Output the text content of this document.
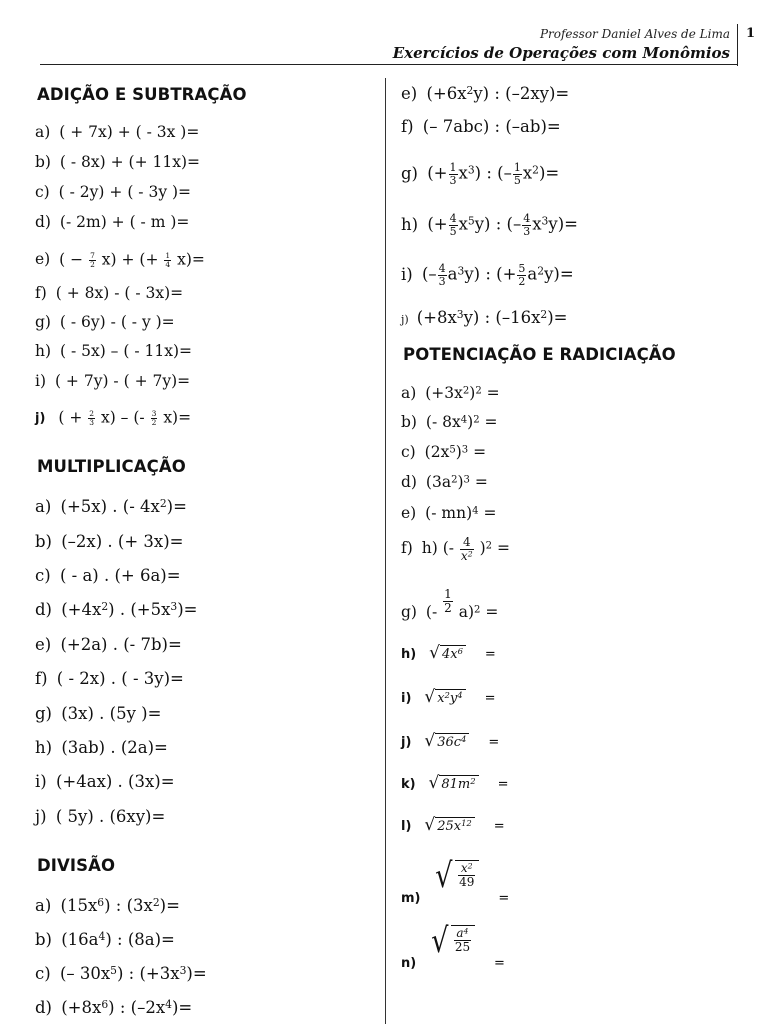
Professor Daniel Alves de Lima
Exercícios de Operações com Monômios
1
ADIÇÃO E SUBTRAÇÃO
a) ( + 7x) + ( - 3x )=
b) ( - 8x) + (+ 11x)=
c) ( - 2y) + ( - 3y )=
d) (- 2m) + ( - m )=
e) ( − $\frac{7}{2} x$) + (+ $\frac{1}{4} x)=$
f) ( + 8x) - ( - 3x)=
g) ( - 6y) - ( - y )=
h) ( - 5x) – ( - 11x)=
i) ( + 7y) - ( + 7y)=
j) ( + $\frac{2}{3} x$) – (- $\frac{3}{2} x)=$
MULTIPLICAÇÃO
a) (+5x) . (- $4x^2)=$
b) (–2x) . (+ 3x)=
c) ( - a) . (+ 6a)=
d) $(+4x^2)$ . $(+5x^3)=$
e) (+2a) . (- 7b)=
f) ( - 2x) . ( - 3y)=
g) (3x) . (5y )=
h) (3ab) . (2a)=
i) (+4ax) . (3x)=
j) ( 5y) . (6xy)=
DIVISÃO
a) $(15x^6)$ : $(3x^2)=$
b) $(16a^4)$ : (8a)=
c) (– $30x^5$) : $(+3x^3)=$
d) $(+8x^6)$ : $(-2x^4)=$
e) $(+6x^2y)$ : (–2xy)=
f) (– 7abc) : (–ab)=
g) (+ $\frac{1}{3} x^3$) : (– $\frac{1}{5} x^2)=$
h) (+ $\frac{4}{5} x^5y$) : (– $\frac{4}{3} x^3y)=$
i) (– $\frac{4}{3} a^3y$) : (+ $\frac{5}{2} a^2y)=$
j) $(+8x^3y)$ : $(-16x^2)=$
POTENCIAÇÃO E RADICIAÇÃO
a) $(+3x^2)^2$ =
b) (- $8x^4)^2$ =
c) $(2x^5)^3$ =
d) $(3a^2)^3$ =
e) (- mn)$^4$ =
f) h) (- $\frac{4}{x^2} )^2$ =
g) (- $\frac{1}{2} a)^2$ =
h) √ $4x^6$ =
i) √ $x^2y^4$ =
j) √ $36c^4$ =
k) √ $81m^2$ =
l) √ $25x^{12}$ =
$_{m)}$
√ $\frac{x^2}{49}$
$_=$
$_{n)}$
√ $\frac{a^4}{25}$
$_=$
